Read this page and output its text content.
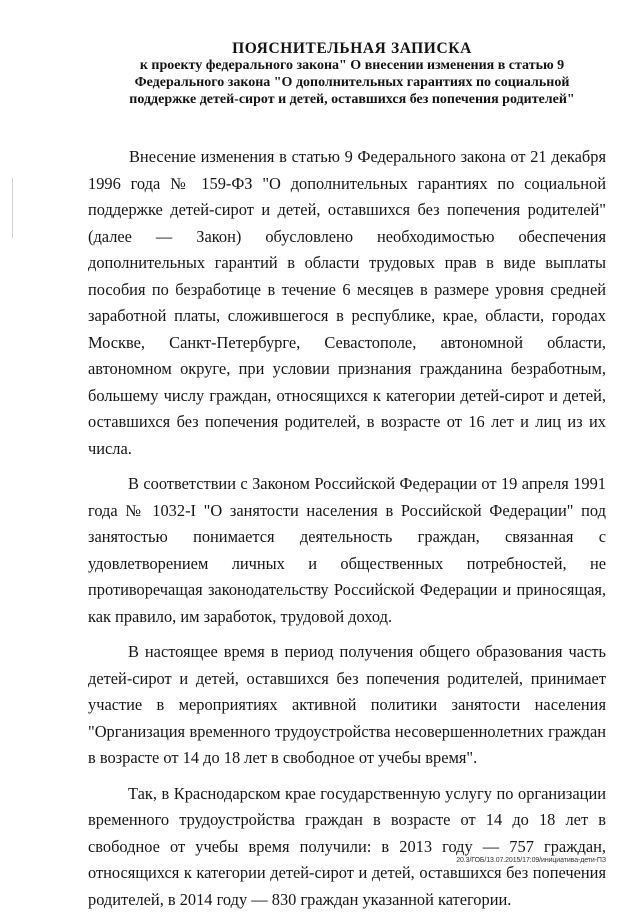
ПОЯСНИТЕЛЬНАЯ ЗАПИСКА
к проекту федерального закона" О внесении изменения в статью 9
Федерального закона "О дополнительных гарантиях по социальной
поддержке детей-сирот и детей, оставшихся без попечения родителей"

Внесение изменения в статью 9 Федерального закона от 21 декабря 1996 года № 159-ФЗ "О дополнительных гарантиях по социальной поддержке детей-сирот и детей, оставшихся без попечения родителей" (далее — Закон) обусловлено необходимостью обеспечения дополнительных гарантий в области трудовых прав в виде выплаты пособия по безработице в течение 6 месяцев в размере уровня средней заработной платы, сложившегося в республике, крае, области, городах Москве, Санкт-Петербурге, Севастополе, автономной области, автономном округе, при условии признания гражданина безработным, большему числу граждан, относящихся к категории детей-сирот и детей, оставшихся без попечения родителей, в возрасте от 16 лет и лиц из их числа.

В соответствии с Законом Российской Федерации от 19 апреля 1991 года № 1032-I "О занятости населения в Российской Федерации" под занятостью понимается деятельность граждан, связанная с удовлетворением личных и общественных потребностей, не противоречащая законодательству Российской Федерации и приносящая, как правило, им заработок, трудовой доход.

В настоящее время в период получения общего образования часть детей-сирот и детей, оставшихся без попечения родителей, принимает участие в мероприятиях активной политики занятости населения "Организация временного трудоустройства несовершеннолетних граждан в возрасте от 14 до 18 лет в свободное от учебы время".

Так, в Краснодарском крае государственную услугу по организации временного трудоустройства граждан в возрасте от 14 до 18 лет в свободное от учебы время получили: в 2013 году — 757 граждан, относящихся к категории детей-сирот и детей, оставшихся без попечения родителей, в 2014 году — 830 граждан указанной категории.

20.3/ГОБ/13.07.2015/17:09/инициатива-дети-ПЗ
